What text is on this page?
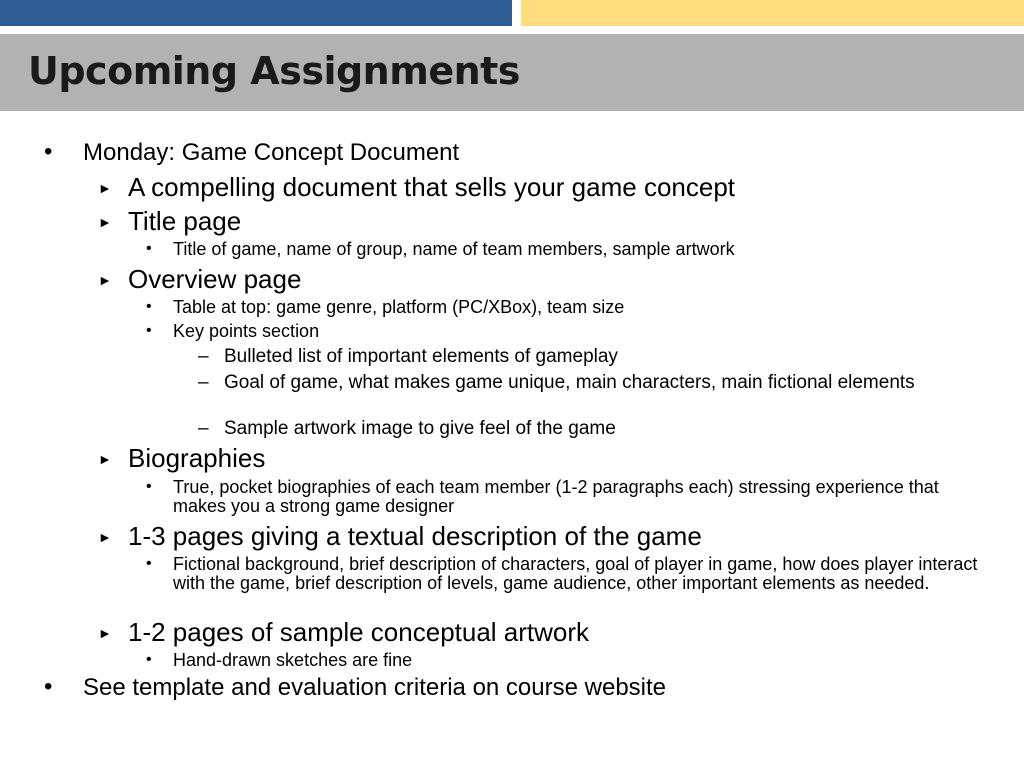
Upcoming Assignments
• Monday: Game Concept Document
► A compelling document that sells your game concept
► Title page
• Title of game, name of group, name of team members, sample artwork
► Overview page
• Table at top: game genre, platform (PC/XBox), team size
• Key points section
– Bulleted list of important elements of gameplay
– Goal of game, what makes game unique, main characters, main fictional elements
– Sample artwork image to give feel of the game
► Biographies
• True, pocket biographies of each team member (1-2 paragraphs each) stressing experience that makes you a strong game designer
► 1-3 pages giving a textual description of the game
• Fictional background, brief description of characters, goal of player in game, how does player interact with the game, brief description of levels, game audience, other important elements as needed.
► 1-2 pages of sample conceptual artwork
• Hand-drawn sketches are fine
• See template and evaluation criteria on course website
